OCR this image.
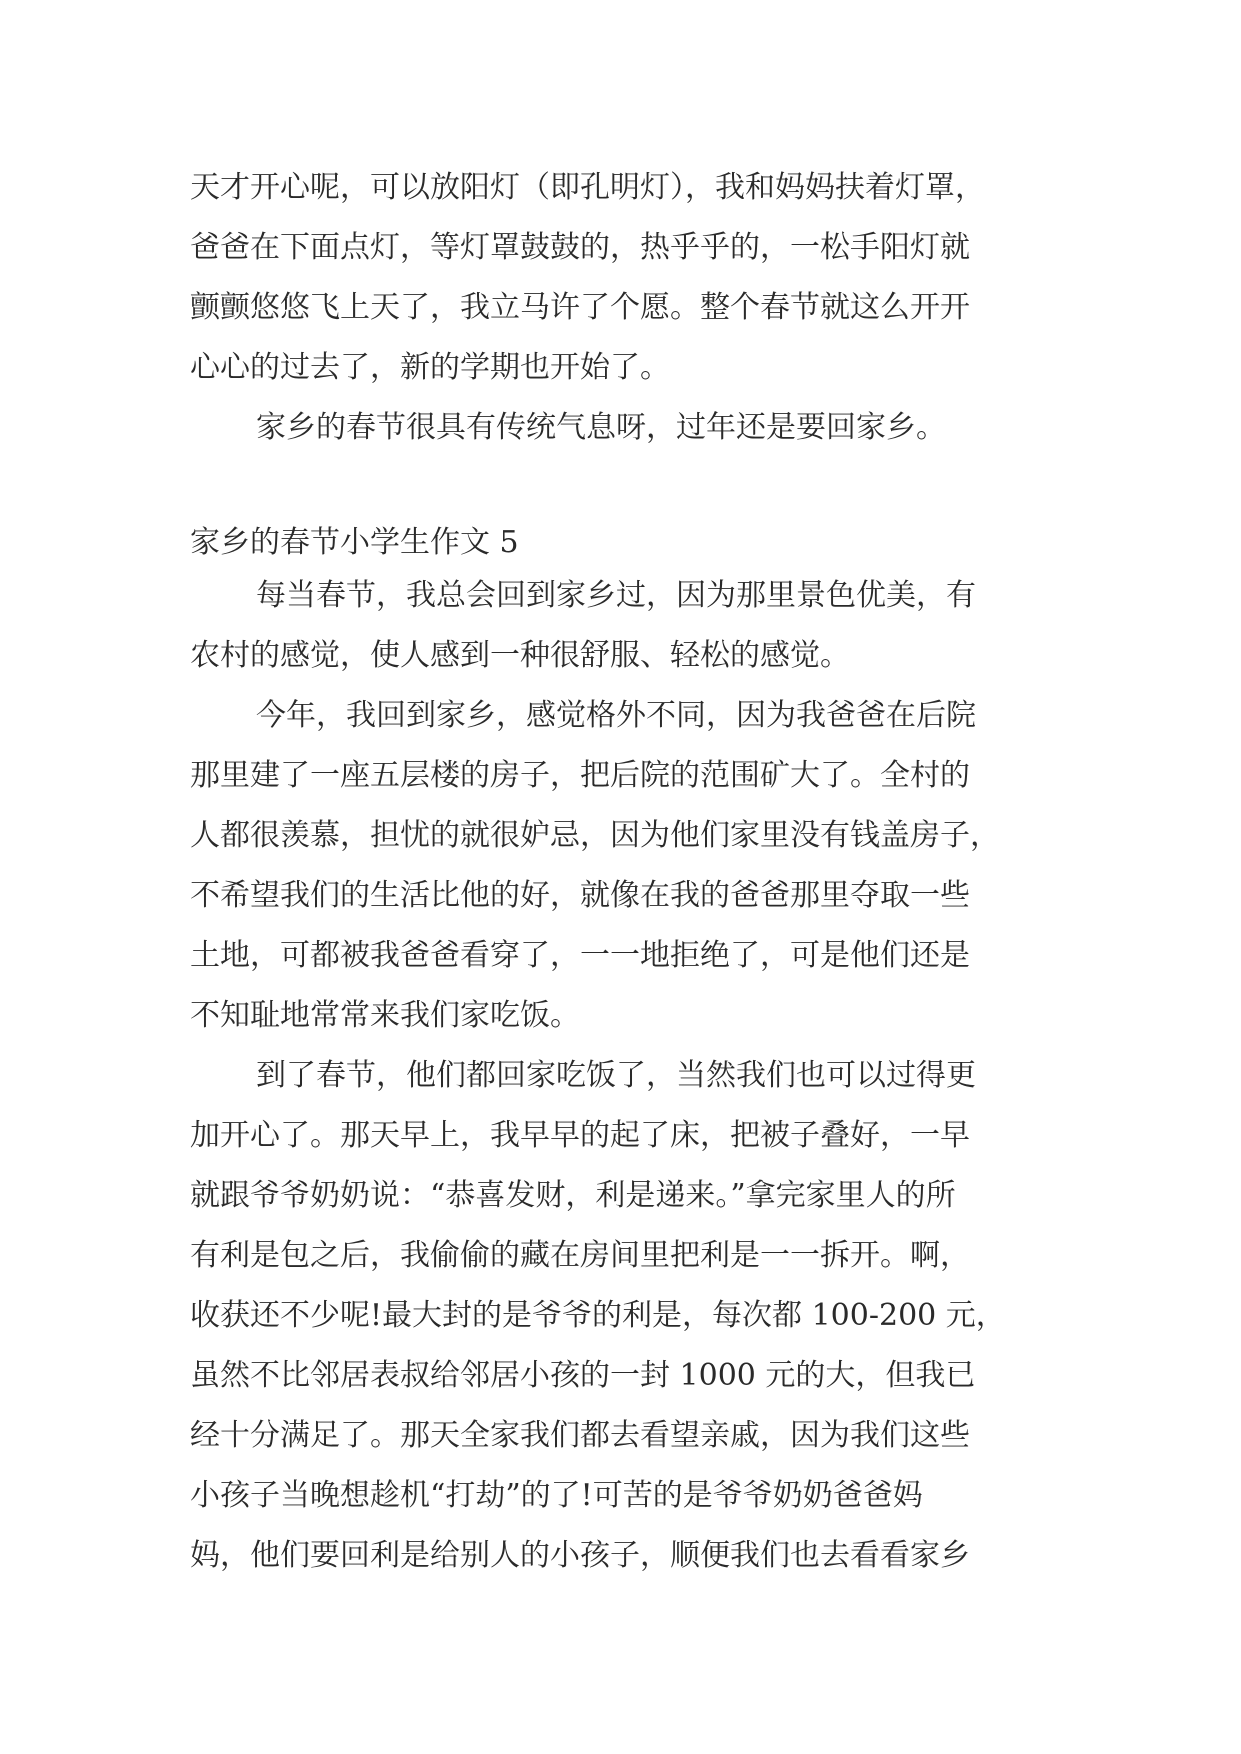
天才开心呢，可以放阳灯（即孔明灯），我和妈妈扶着灯罩，
爸爸在下面点灯，等灯罩鼓鼓的，热乎乎的，一松手阳灯就
颤颤悠悠飞上天了，我立马许了个愿。整个春节就这么开开
心心的过去了，新的学期也开始了。
家乡的春节很具有传统气息呀，过年还是要回家乡。
家乡的春节小学生作文 5
每当春节，我总会回到家乡过，因为那里景色优美，有
农村的感觉，使人感到一种很舒服、轻松的感觉。
今年，我回到家乡，感觉格外不同，因为我爸爸在后院
那里建了一座五层楼的房子，把后院的范围矿大了。全村的
人都很羡慕，担忧的就很妒忌，因为他们家里没有钱盖房子，
不希望我们的生活比他的好，就像在我的爸爸那里夺取一些
土地，可都被我爸爸看穿了，一一地拒绝了，可是他们还是
不知耻地常常来我们家吃饭。
到了春节，他们都回家吃饭了，当然我们也可以过得更
加开心了。那天早上，我早早的起了床，把被子叠好，一早
就跟爷爷奶奶说：“恭喜发财，利是递来。”拿完家里人的所
有利是包之后，我偷偷的藏在房间里把利是一一拆开。啊，
收获还不少呢!最大封的是爷爷的利是，每次都 100-200 元，
虽然不比邻居表叔给邻居小孩的一封 1000 元的大，但我已
经十分满足了。那天全家我们都去看望亲戚，因为我们这些
小孩子当晚想趁机“打劫”的了!可苦的是爷爷奶奶爸爸妈
妈，他们要回利是给别人的小孩子，顺便我们也去看看家乡
